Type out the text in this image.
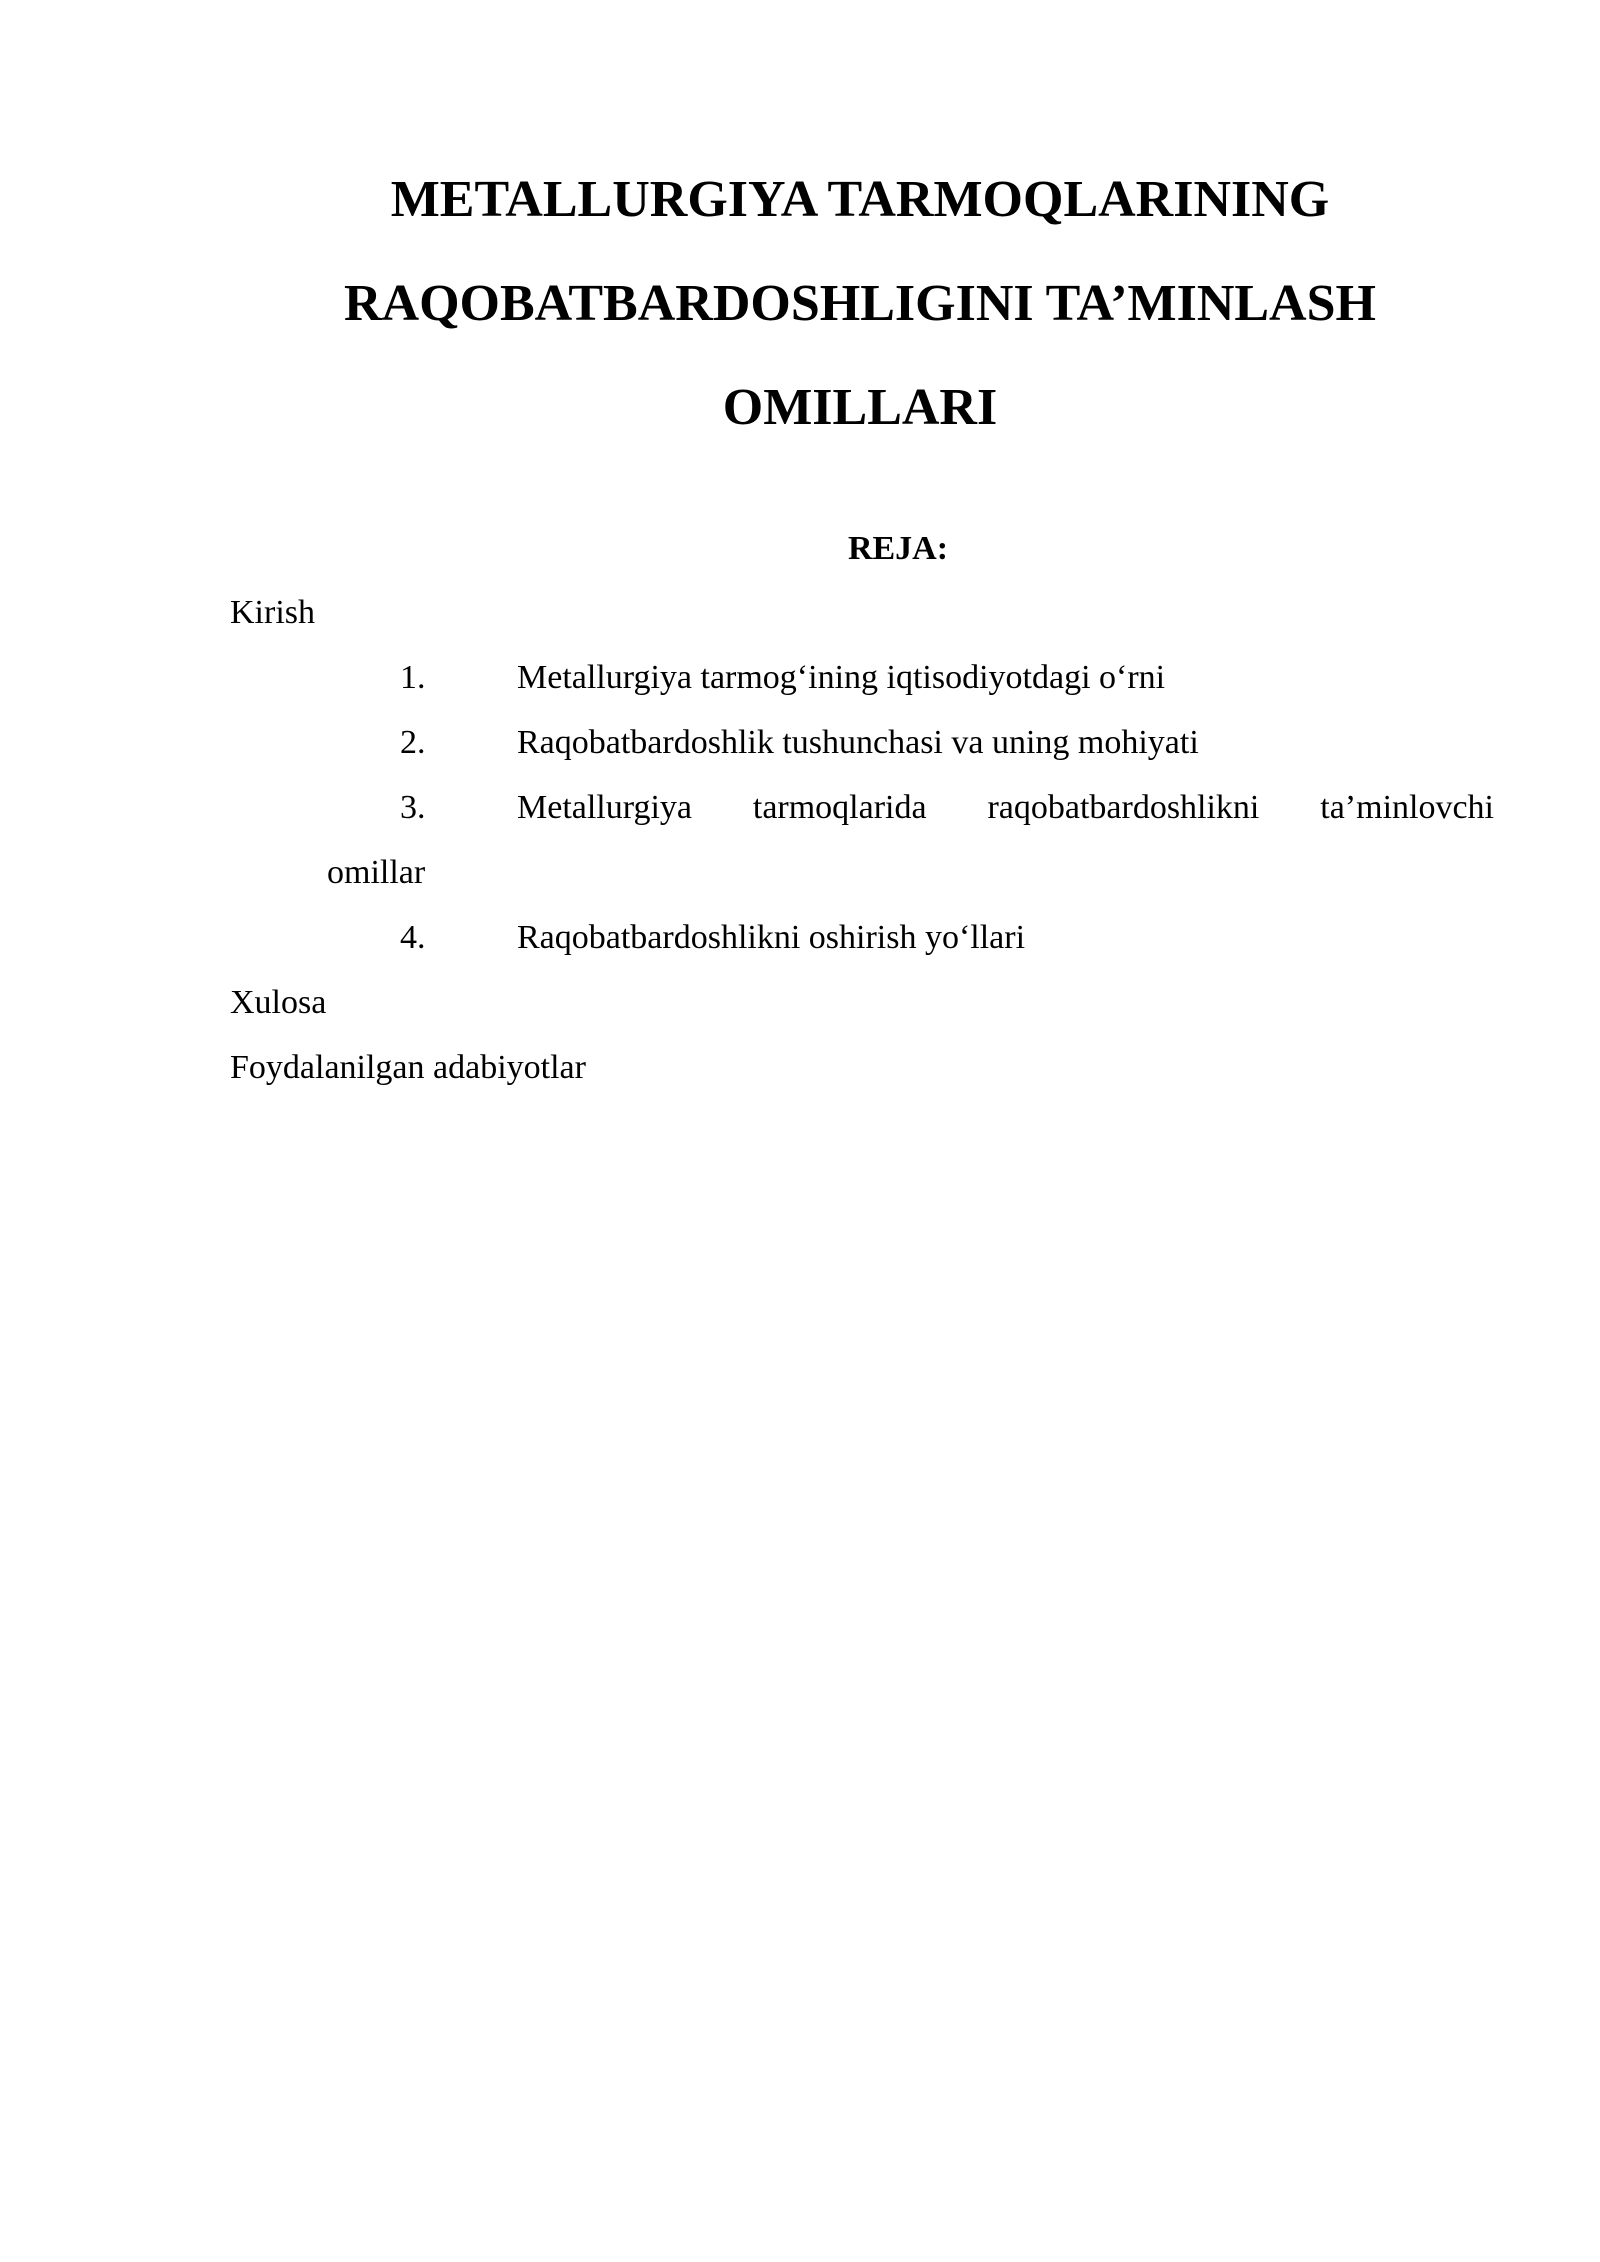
METALLURGIYA TARMOQLARINING
RAQOBATBARDOSHLIGINI TA’MINLASH
OMILLARI
REJA:
Kirish
1.	Metallurgiya tarmog‘ining iqtisodiyotdagi o‘rni
2.	Raqobatbardoshlik tushunchasi va uning mohiyati
3.	Metallurgiya tarmoqlarida raqobatbardoshlikni ta’minlovchi
omillar
4.	Raqobatbardoshlikni oshirish yo‘llari
Xulosa
Foydalanilgan adabiyotlar
